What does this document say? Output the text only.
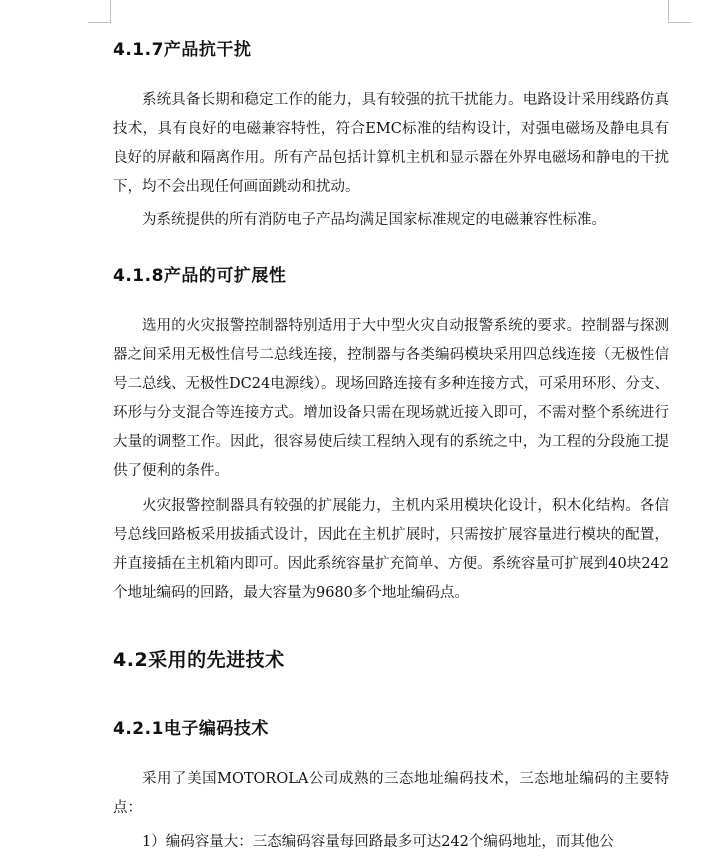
4.1.7产品抗干扰

系统具备长期和稳定工作的能力，具有较强的抗干扰能力。电路设计采用线路仿真技术，具有良好的电磁兼容特性，符合EMC标准的结构设计，对强电磁场及静电具有良好的屏蔽和隔离作用。所有产品包括计算机主机和显示器在外界电磁场和静电的干扰下，均不会出现任何画面跳动和扰动。

为系统提供的所有消防电子产品均满足国家标准规定的电磁兼容性标准。

4.1.8产品的可扩展性

选用的火灾报警控制器特别适用于大中型火灾自动报警系统的要求。控制器与探测器之间采用无极性信号二总线连接，控制器与各类编码模块采用四总线连接（无极性信号二总线、无极性DC24电源线）。现场回路连接有多种连接方式，可采用环形、分支、环形与分支混合等连接方式。增加设备只需在现场就近接入即可，不需对整个系统进行大量的调整工作。因此，很容易使后续工程纳入现有的系统之中，为工程的分段施工提供了便利的条件。

火灾报警控制器具有较强的扩展能力，主机内采用模块化设计，积木化结构。各信号总线回路板采用拔插式设计，因此在主机扩展时，只需按扩展容量进行模块的配置，并直接插在主机箱内即可。因此系统容量扩充简单、方便。系统容量可扩展到40块242个地址编码的回路，最大容量为9680多个地址编码点。

4.2采用的先进技术
4.2.1电子编码技术

采用了美国MOTOROLA公司成熟的三态地址编码技术，三态地址编码的主要特点：

1）编码容量大：三态编码容量每回路最多可达242个编码地址，而其他公
